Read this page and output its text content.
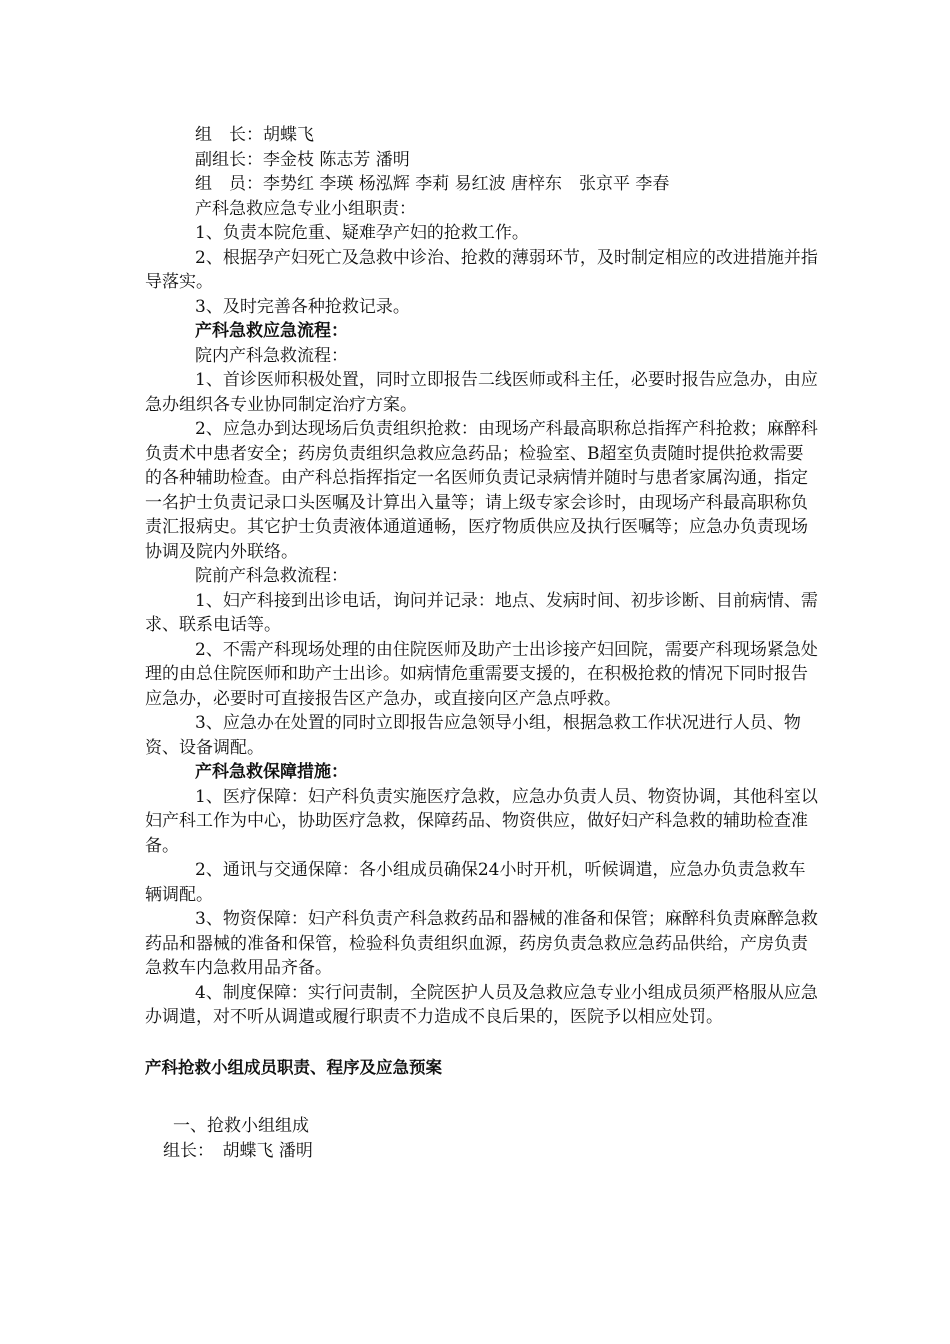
组　长：胡蝶飞

副组长：李金枝 陈志芳 潘明

组　员：李势红 李瑛 杨泓辉 李莉 易红波 唐梓东　张京平 李春

产科急救应急专业小组职责：

1、负责本院危重、疑难孕产妇的抢救工作。

2、根据孕产妇死亡及急救中诊治、抢救的薄弱环节，及时制定相应的改进措施并指导落实。

3、及时完善各种抢救记录。

产科急救应急流程：

院内产科急救流程：

1、首诊医师积极处置，同时立即报告二线医师或科主任，必要时报告应急办，由应急办组织各专业协同制定治疗方案。

2、应急办到达现场后负责组织抢救：由现场产科最高职称总指挥产科抢救；麻醉科负责术中患者安全；药房负责组织急救应急药品；检验室、B超室负责随时提供抢救需要的各种辅助检查。由产科总指挥指定一名医师负责记录病情并随时与患者家属沟通，指定一名护士负责记录口头医嘱及计算出入量等；请上级专家会诊时，由现场产科最高职称负责汇报病史。其它护士负责液体通道通畅，医疗物质供应及执行医嘱等；应急办负责现场协调及院内外联络。

院前产科急救流程：

1、妇产科接到出诊电话，询问并记录：地点、发病时间、初步诊断、目前病情、需求、联系电话等。

2、不需产科现场处理的由住院医师及助产士出诊接产妇回院，需要产科现场紧急处理的由总住院医师和助产士出诊。如病情危重需要支援的，在积极抢救的情况下同时报告应急办，必要时可直接报告区产急办，或直接向区产急点呼救。

3、应急办在处置的同时立即报告应急领导小组，根据急救工作状况进行人员、物资、设备调配。

产科急救保障措施：

1、医疗保障：妇产科负责实施医疗急救，应急办负责人员、物资协调，其他科室以妇产科工作为中心，协助医疗急救，保障药品、物资供应，做好妇产科急救的辅助检查准备。

2、通讯与交通保障：各小组成员确保24小时开机，听候调遣，应急办负责急救车辆调配。

3、物资保障：妇产科负责产科急救药品和器械的准备和保管；麻醉科负责麻醉急救药品和器械的准备和保管，检验科负责组织血源，药房负责急救应急药品供给，产房负责急救车内急救用品齐备。

4、制度保障：实行问责制，全院医护人员及急救应急专业小组成员须严格服从应急办调遣，对不听从调遣或履行职责不力造成不良后果的，医院予以相应处罚。

产科抢救小组成员职责、程序及应急预案

一、抢救小组组成

组长：　胡蝶飞 潘明
